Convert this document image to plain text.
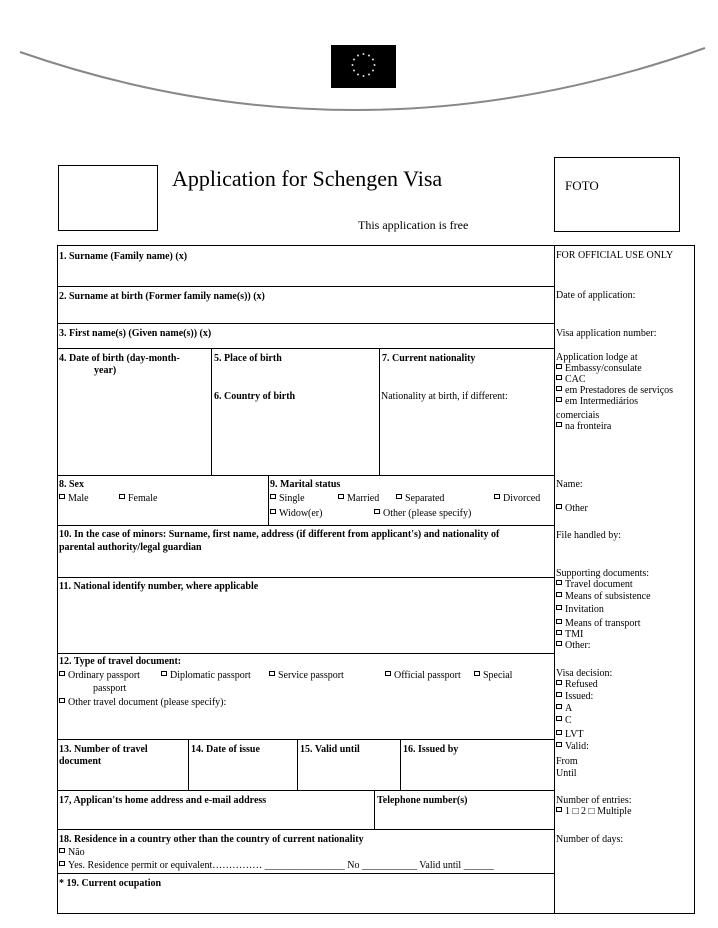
Application for Schengen Visa
This application is free
FOTO
1. Surname (Family name) (x)
2. Surname at birth (Former family name(s)) (x)
3. First name(s) (Given name(s)) (x)
4. Date of birth (day-month-
year)
5. Place of birth
6. Country of birth
7. Current nationality
Nationality at birth, if different:
8. Sex
Male	Female
9. Marital status
Single	Married	Separated	Divorced
Widow(er)	Other (please specify)
10. In the case of minors: Surname, first name, address (if different from applicant's) and nationality of
parental authority/legal guardian
11. National identify number, where applicable
12. Type of travel document:
Ordinary passport	Diplomatic passport	Service passport	Official passport	Special
passport
Other travel document (please specify):
13. Number of travel
document
14. Date of issue	15. Valid until	16. Issued by
17, Applican'ts home address and e-mail address	Telephone number(s)
18. Residence in a country other than the country of current nationality
Não
Yes. Residence permit or equivalent…………… ________________ No ___________ Valid until ______
* 19. Current ocupation
FOR OFFICIAL USE ONLY
Date of application:
Visa application number:
Application lodge at
Embassy/consulate
CAC
em Prestadores de serviços
em Intermediários
comerciais
na fronteira
Name:
Other
File handled by:
Supporting documents:
Travel document
Means of subsistence
Invitation
Means of transport
TMI
Other:
Visa decision:
Refused
Issued:
A
C
LVT
Valid:
From
Until
Number of entries:
1 □ 2 □ Multiple
Number of days:
